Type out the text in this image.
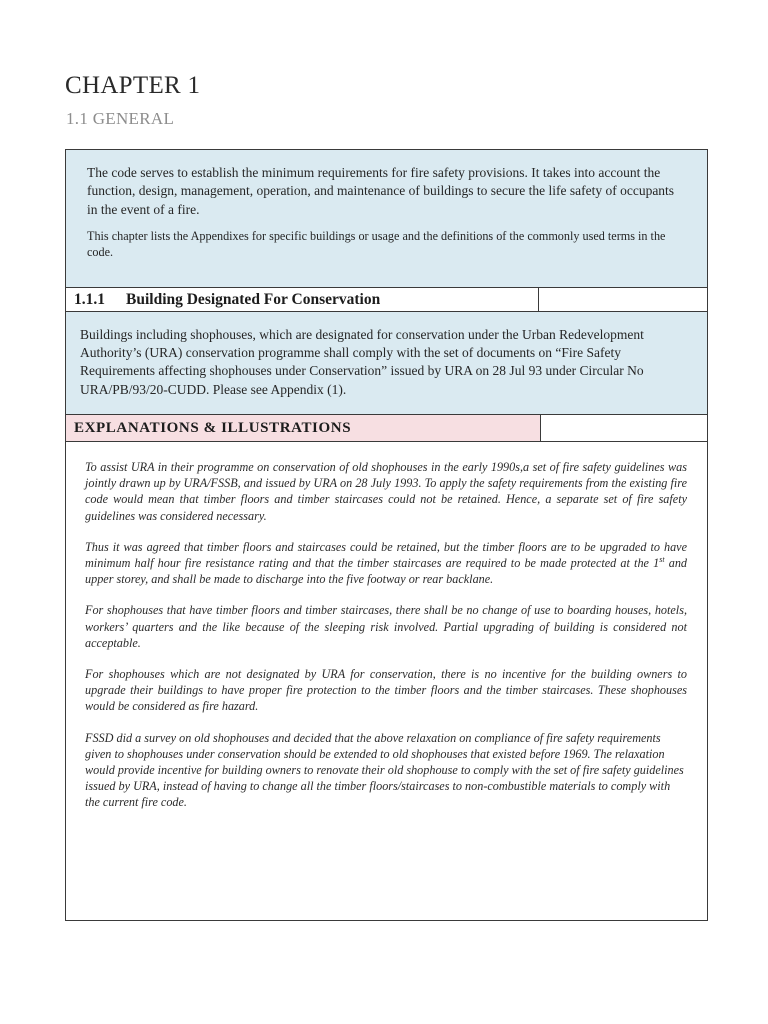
CHAPTER 1
1.1 GENERAL

The code serves to establish the minimum requirements for fire safety provisions. It takes into account the function, design, management, operation, and maintenance of buildings to secure the life safety of occupants in the event of a fire.

This chapter lists the Appendixes for specific buildings or usage and the definitions of the commonly used terms in the code.

1.1.1 Building Designated For Conservation
Buildings including shophouses, which are designated for conservation under the Urban Redevelopment Authority’s (URA) conservation programme shall comply with the set of documents on “Fire Safety Requirements affecting shophouses under Conservation” issued by URA on 28 Jul 93 under Circular No URA/PB/93/20-CUDD. Please see Appendix (1).
EXPLANATIONS & ILLUSTRATIONS

To assist URA in their programme on conservation of old shophouses in the early 1990s,a set of fire safety guidelines was jointly drawn up by URA/FSSB, and issued by URA on 28 July 1993. To apply the safety requirements from the existing fire code would mean that timber floors and timber staircases could not be retained. Hence, a separate set of fire safety guidelines was considered necessary.

Thus it was agreed that timber floors and staircases could be retained, but the timber floors are to be upgraded to have minimum half hour fire resistance rating and that the timber staircases are required to be made protected at the 1st and upper storey, and shall be made to discharge into the five footway or rear backlane.

For shophouses that have timber floors and timber staircases, there shall be no change of use to boarding houses, hotels, workers’ quarters and the like because of the sleeping risk involved. Partial upgrading of building is considered not acceptable.

For shophouses which are not designated by URA for conservation, there is no incentive for the building owners to upgrade their buildings to have proper fire protection to the timber floors and the timber staircases. These shophouses would be considered as fire hazard.

FSSD did a survey on old shophouses and decided that the above relaxation on compliance of fire safety requirements given to shophouses under conservation should be extended to old shophouses that existed before 1969. The relaxation would provide incentive for building owners to renovate their old shophouse to comply with the set of fire safety guidelines issued by URA, instead of having to change all the timber floors/staircases to non-combustible materials to comply with the current fire code.
